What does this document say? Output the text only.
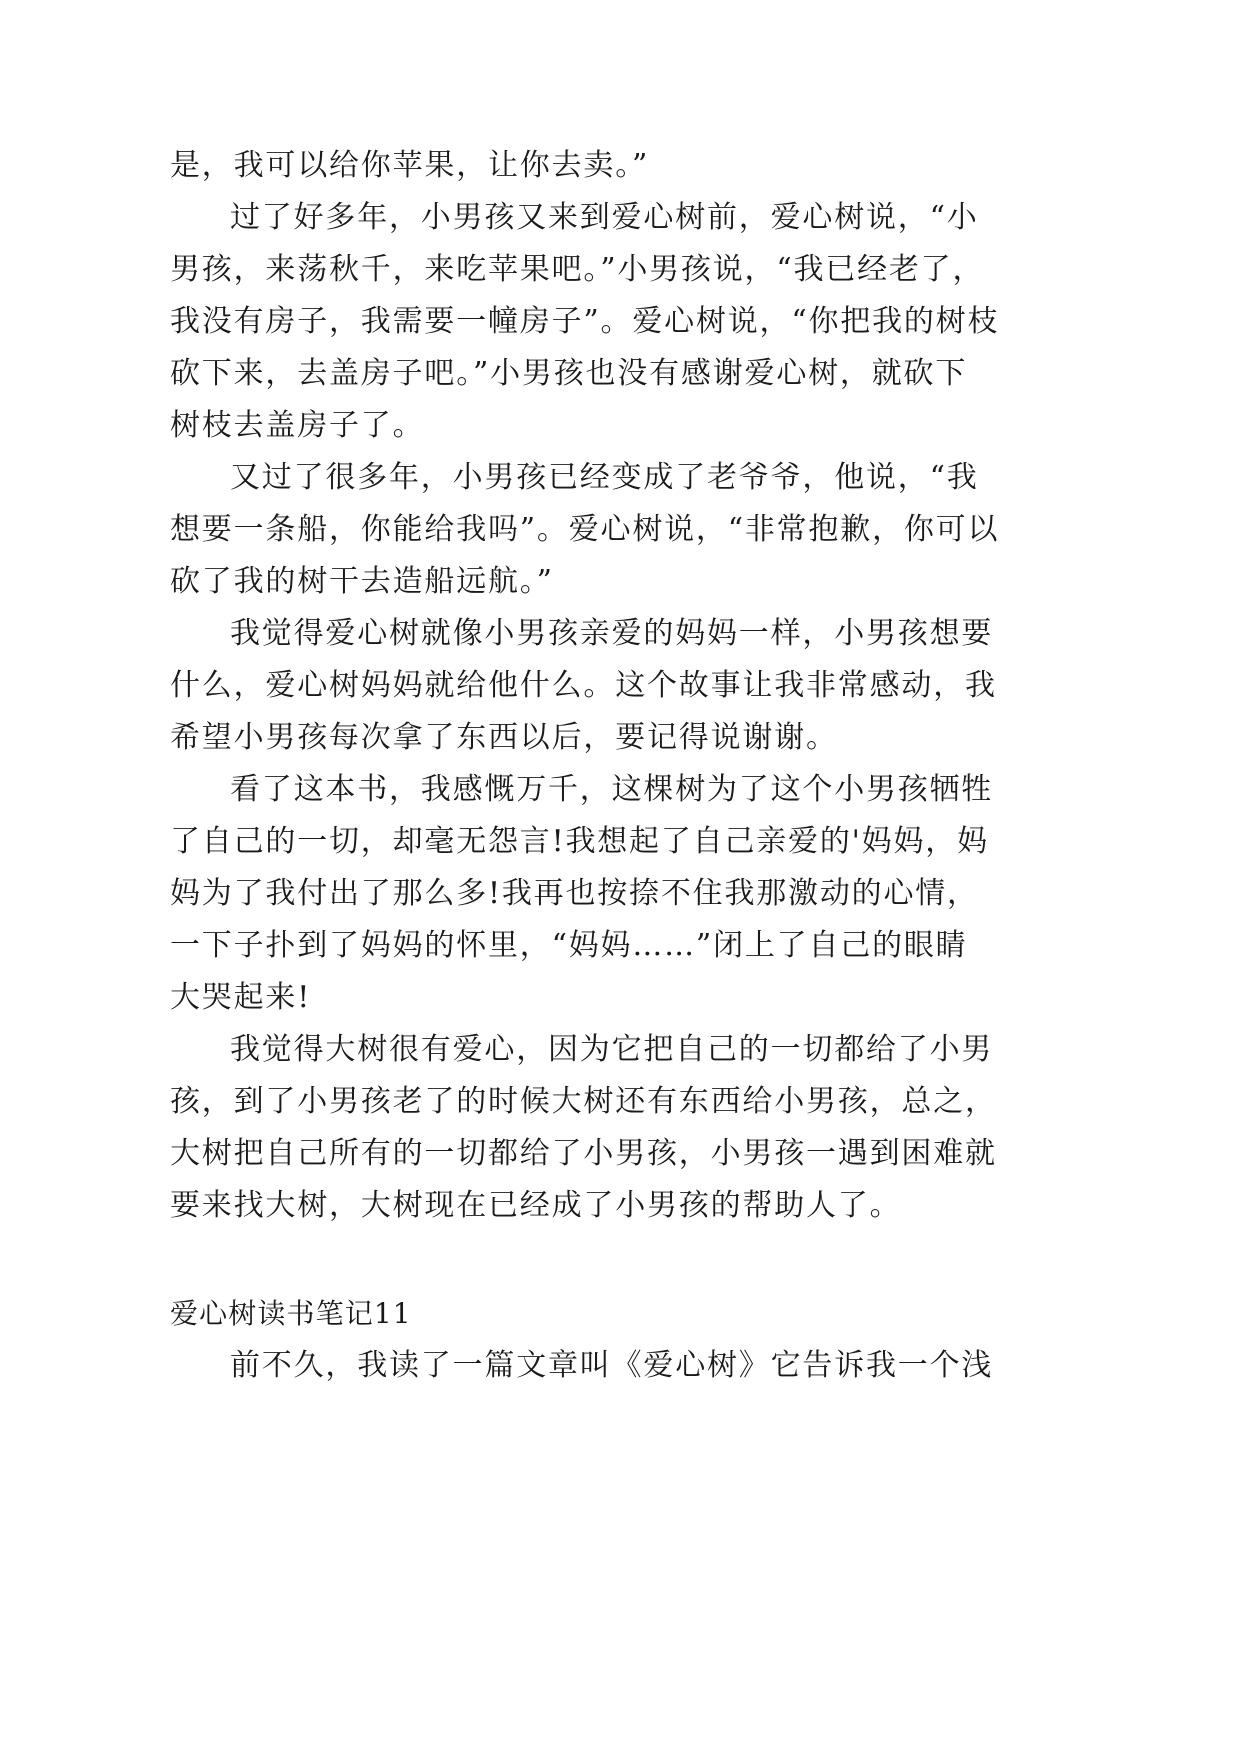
是，我可以给你苹果，让你去卖。”
过了好多年，小男孩又来到爱心树前，爱心树说，“小
男孩，来荡秋千，来吃苹果吧。”小男孩说，“我已经老了，
我没有房子，我需要一幢房子”。爱心树说，“你把我的树枝
砍下来，去盖房子吧。”小男孩也没有感谢爱心树，就砍下
树枝去盖房子了。
又过了很多年，小男孩已经变成了老爷爷，他说，“我
想要一条船，你能给我吗”。爱心树说，“非常抱歉，你可以
砍了我的树干去造船远航。”
我觉得爱心树就像小男孩亲爱的妈妈一样，小男孩想要
什么，爱心树妈妈就给他什么。这个故事让我非常感动，我
希望小男孩每次拿了东西以后，要记得说谢谢。
看了这本书，我感慨万千，这棵树为了这个小男孩牺牲
了自己的一切，却毫无怨言!我想起了自己亲爱的'妈妈，妈
妈为了我付出了那么多!我再也按捺不住我那激动的心情，
一下子扑到了妈妈的怀里，“妈妈……”闭上了自己的眼睛
大哭起来!
我觉得大树很有爱心，因为它把自己的一切都给了小男
孩，到了小男孩老了的时候大树还有东西给小男孩，总之，
大树把自己所有的一切都给了小男孩，小男孩一遇到困难就
要来找大树，大树现在已经成了小男孩的帮助人了。
爱心树读书笔记11
前不久，我读了一篇文章叫《爱心树》它告诉我一个浅
